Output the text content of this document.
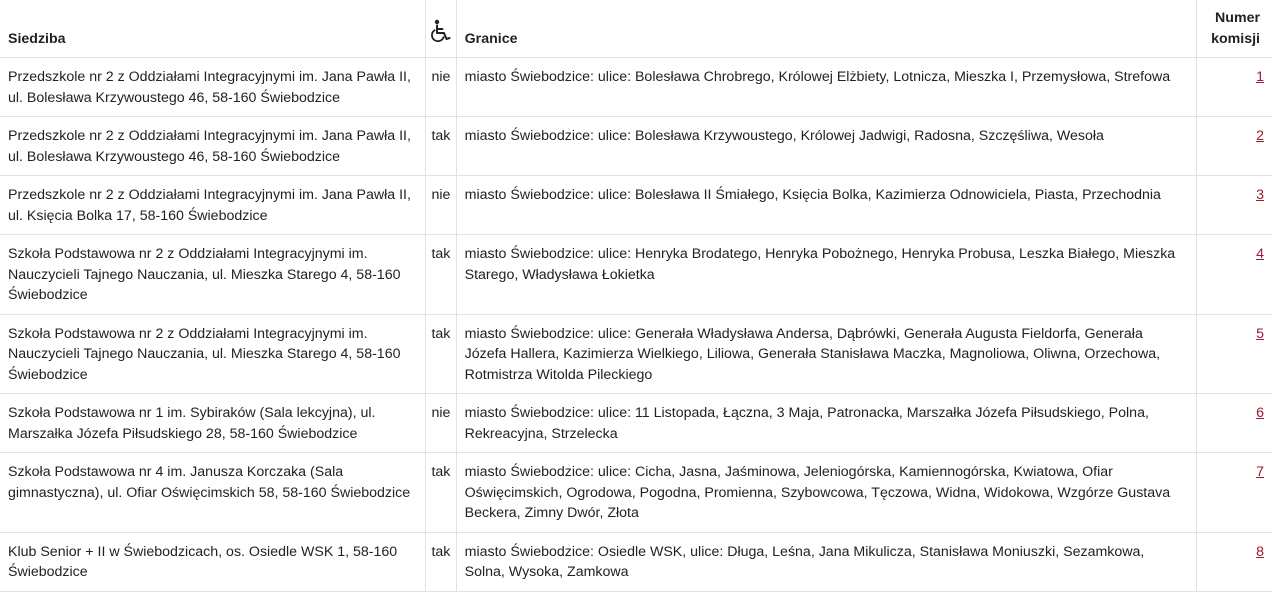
Siedziba		Granice	Numer komisji
Przedszkole nr 2 z Oddziałami Integracyjnymi im. Jana Pawła II, ul. Bolesława Krzywoustego 46, 58-160 Świebodzice	nie	miasto Świebodzice: ulice: Bolesława Chrobrego, Królowej Elżbiety, Lotnicza, Mieszka I, Przemysłowa, Strefowa	1
Przedszkole nr 2 z Oddziałami Integracyjnymi im. Jana Pawła II, ul. Bolesława Krzywoustego 46, 58-160 Świebodzice	tak	miasto Świebodzice: ulice: Bolesława Krzywoustego, Królowej Jadwigi, Radosna, Szczęśliwa, Wesoła	2
Przedszkole nr 2 z Oddziałami Integracyjnymi im. Jana Pawła II, ul. Księcia Bolka 17, 58-160 Świebodzice	nie	miasto Świebodzice: ulice: Bolesława II Śmiałego, Księcia Bolka, Kazimierza Odnowiciela, Piasta, Przechodnia	3
Szkoła Podstawowa nr 2 z Oddziałami Integracyjnymi im. Nauczycieli Tajnego Nauczania, ul. Mieszka Starego 4, 58-160 Świebodzice	tak	miasto Świebodzice: ulice: Henryka Brodatego, Henryka Pobożnego, Henryka Probusa, Leszka Białego, Mieszka Starego, Władysława Łokietka	4
Szkoła Podstawowa nr 2 z Oddziałami Integracyjnymi im. Nauczycieli Tajnego Nauczania, ul. Mieszka Starego 4, 58-160 Świebodzice	tak	miasto Świebodzice: ulice: Generała Władysława Andersa, Dąbrówki, Generała Augusta Fieldorfa, Generała Józefa Hallera, Kazimierza Wielkiego, Liliowa, Generała Stanisława Maczka, Magnoliowa, Oliwna, Orzechowa, Rotmistrza Witolda Pileckiego	5
Szkoła Podstawowa nr 1 im. Sybiraków (Sala lekcyjna), ul. Marszałka Józefa Piłsudskiego 28, 58-160 Świebodzice	nie	miasto Świebodzice: ulice: 11 Listopada, Łączna, 3 Maja, Patronacka, Marszałka Józefa Piłsudskiego, Polna, Rekreacyjna, Strzelecka	6
Szkoła Podstawowa nr 4 im. Janusza Korczaka (Sala gimnastyczna), ul. Ofiar Oświęcimskich 58, 58-160 Świebodzice	tak	miasto Świebodzice: ulice: Cicha, Jasna, Jaśminowa, Jeleniogórska, Kamiennogórska, Kwiatowa, Ofiar Oświęcimskich, Ogrodowa, Pogodna, Promienna, Szybowcowa, Tęczowa, Widna, Widokowa, Wzgórze Gustava Beckera, Zimny Dwór, Złota	7
Klub Senior + II w Świebodzicach, os. Osiedle WSK 1, 58-160 Świebodzice	tak	miasto Świebodzice: Osiedle WSK, ulice: Długa, Leśna, Jana Mikulicza, Stanisława Moniuszki, Sezamkowa, Solna, Wysoka, Zamkowa	8
